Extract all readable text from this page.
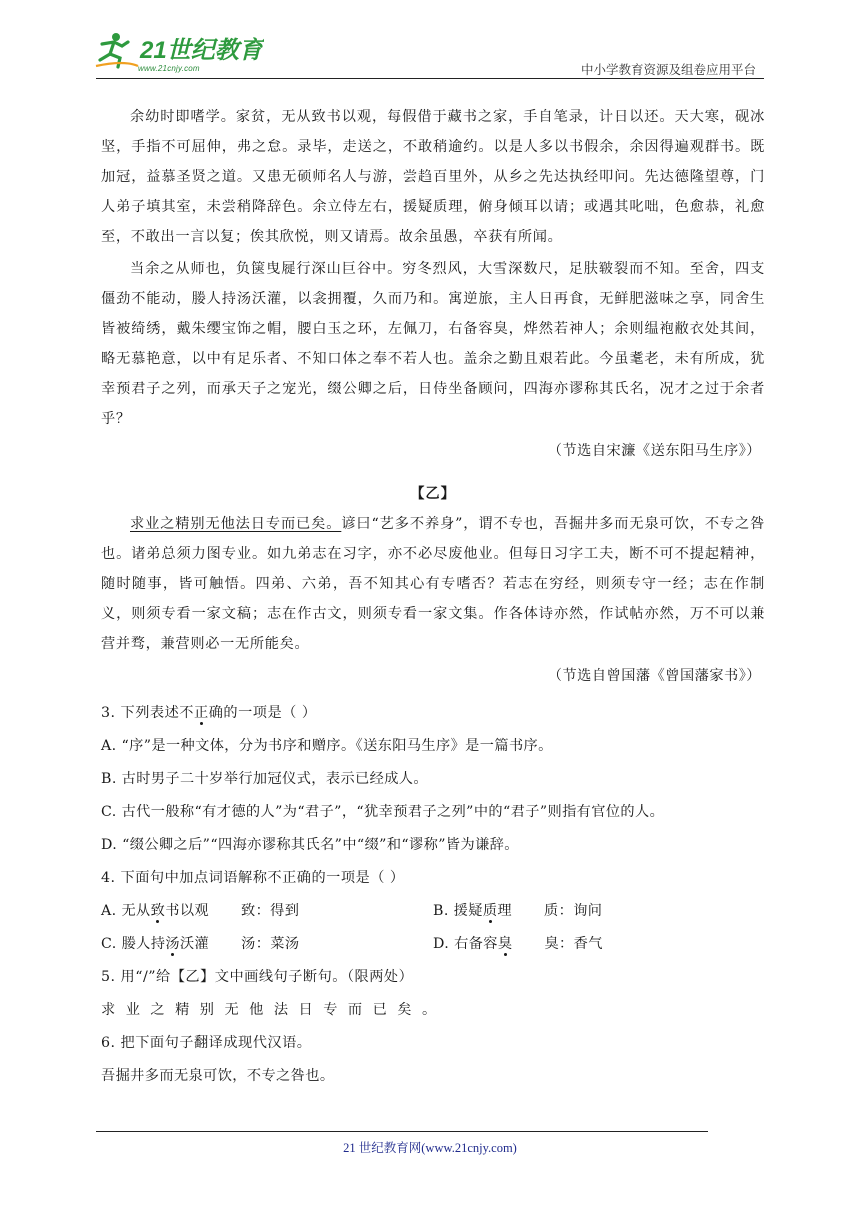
21世纪教育
www.21cnjy.com	中小学教育资源及组卷应用平台

余幼时即嗜学。家贫，无从致书以观，每假借于藏书之家，手自笔录，计日以还。天大寒，砚冰坚，手指不可屈伸，弗之怠。录毕，走送之，不敢稍逾约。以是人多以书假余，余因得遍观群书。既加冠，益慕圣贤之道。又患无硕师名人与游，尝趋百里外，从乡之先达执经叩问。先达德隆望尊，门人弟子填其室，未尝稍降辞色。余立侍左右，援疑质理，俯身倾耳以请；或遇其叱咄，色愈恭，礼愈至，不敢出一言以复；俟其欣悦，则又请焉。故余虽愚，卒获有所闻。

当余之从师也，负箧曳屣行深山巨谷中。穷冬烈风，大雪深数尺，足肤皲裂而不知。至舍，四支僵劲不能动，媵人持汤沃灌，以衾拥覆，久而乃和。寓逆旅，主人日再食，无鲜肥滋味之享，同舍生皆被绮绣，戴朱缨宝饰之帽，腰白玉之环，左佩刀，右备容臭，烨然若神人；余则缊袍敝衣处其间，略无慕艳意，以中有足乐者、不知口体之奉不若人也。盖余之勤且艰若此。今虽耄老，未有所成，犹幸预君子之列，而承天子之宠光，缀公卿之后，日侍坐备顾问，四海亦谬称其氏名，况才之过于余者乎？

（节选自宋濂《送东阳马生序》）

【乙】

求业之精别无他法日专而已矣。谚曰“艺多不养身”，谓不专也，吾掘井多而无泉可饮，不专之咎也。诸弟总须力图专业。如九弟志在习字，亦不必尽废他业。但每日习字工夫，断不可不提起精神，随时随事，皆可触悟。四弟、六弟，吾不知其心有专嗜否？若志在穷经，则须专守一经；志在作制义，则须专看一家文稿；志在作古文，则须专看一家文集。作各体诗亦然，作试帖亦然，万不可以兼营并骛，兼营则必一无所能矣。

（节选自曾国藩《曾国藩家书》）

3. 下列表述不正确的一项是（ ）

A. “序”是一种文体，分为书序和赠序。《送东阳马生序》是一篇书序。

B. 古时男子二十岁举行加冠仪式，表示已经成人。

C. 古代一般称“有才德的人”为“君子”，“犹幸预君子之列”中的“君子”则指有官位的人。

D. “缀公卿之后”“四海亦谬称其氏名”中“缀”和“谬称”皆为谦辞。

4. 下面句中加点词语解称不正确的一项是（ ）

A. 无从致书以观 致：得到	B. 援疑质理 质：询问
C. 媵人持汤沃灌 汤：菜汤	D. 右备容臭 臭：香气

5. 用“/”给【乙】文中画线句子断句。（限两处）

求业之精别无他法日专而已矣。

6. 把下面句子翻译成现代汉语。

吾掘井多而无泉可饮，不专之咎也。

21 世纪教育网(www.21cnjy.com)
